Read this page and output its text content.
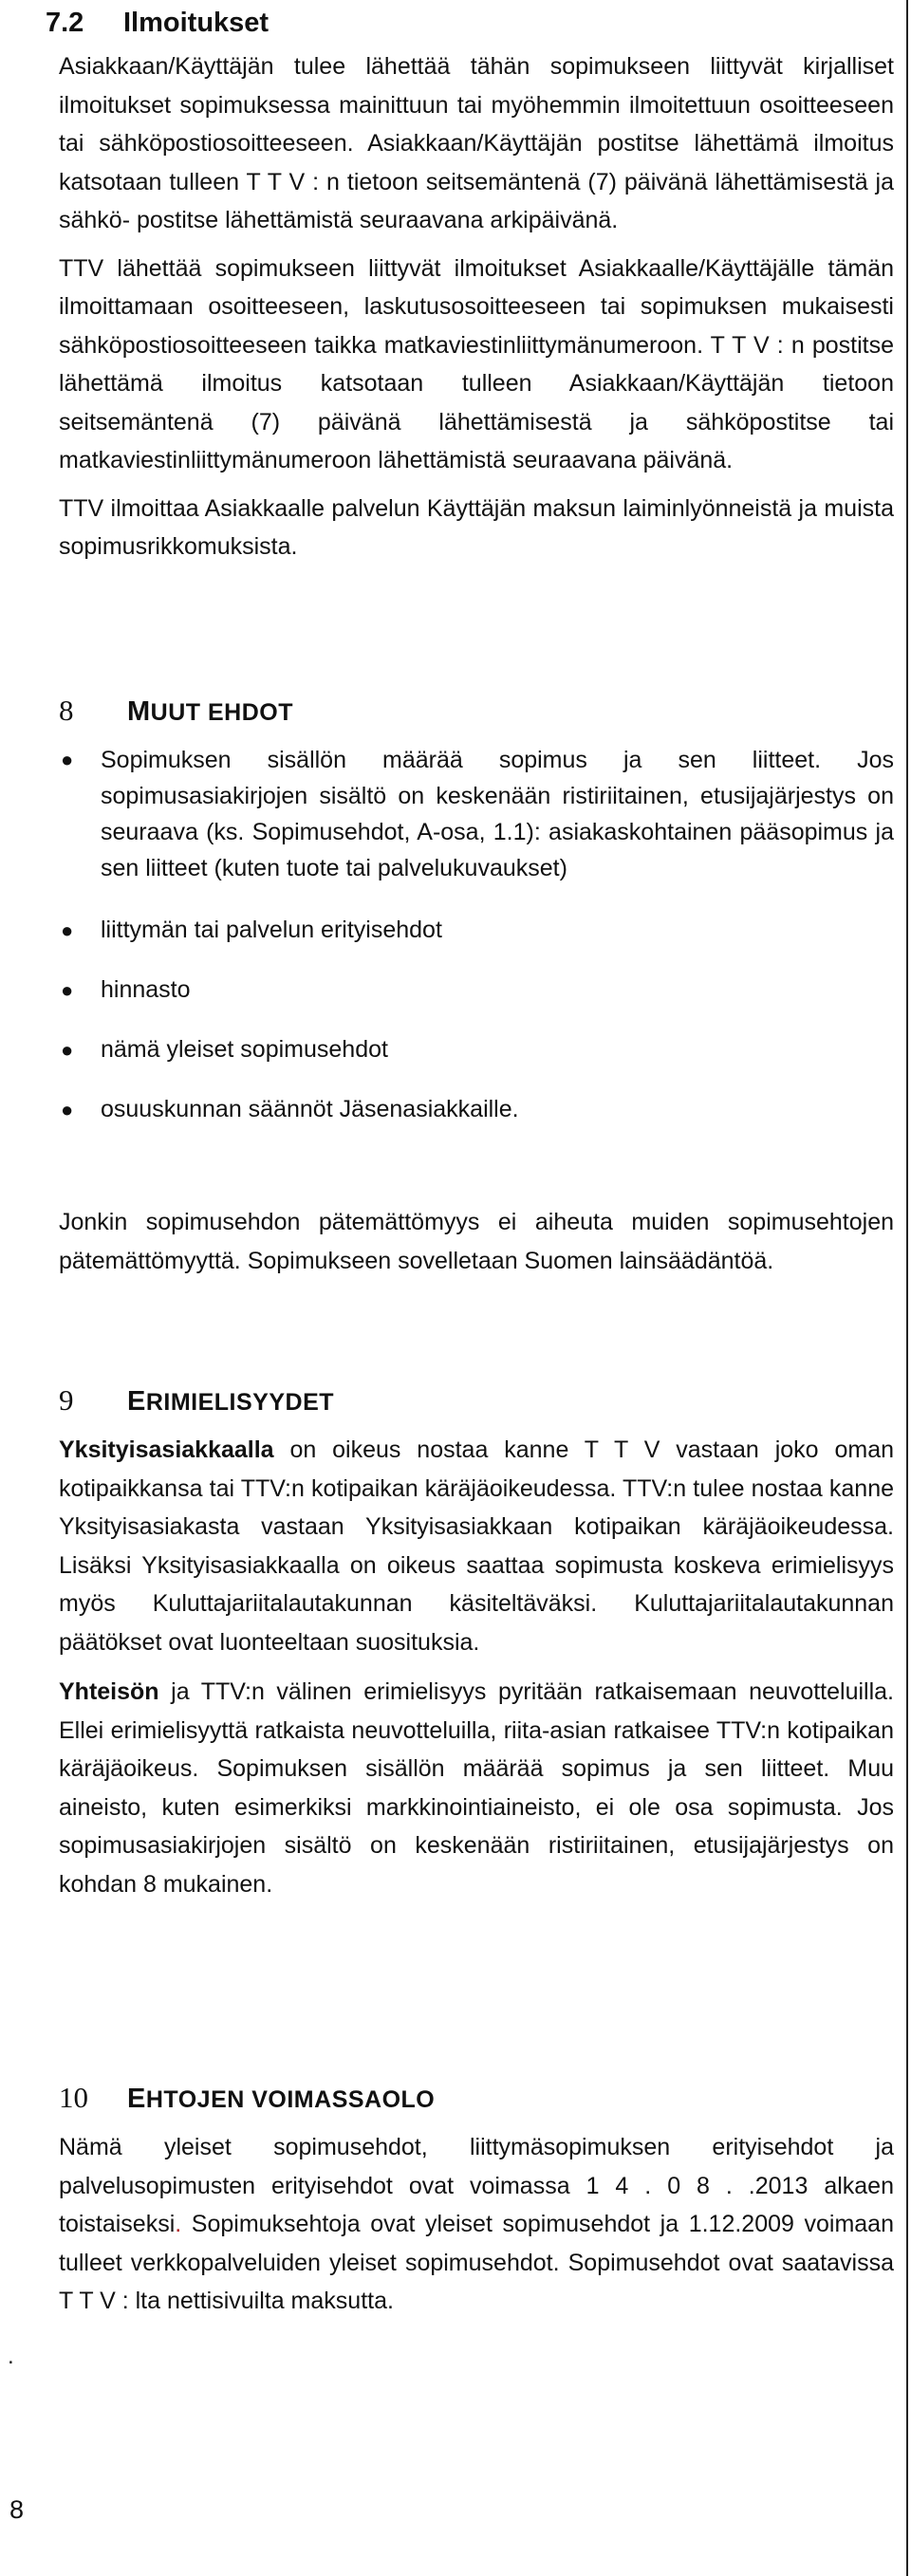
7.2 Ilmoitukset

Asiakkaan/Käyttäjän tulee lähettää tähän sopimukseen liittyvät kirjalliset ilmoitukset sopimuksessa mainittuun tai myöhemmin ilmoitettuun osoitteeseen tai sähköpostiosoitteeseen. Asiakkaan/Käyttäjän postitse lähettämä ilmoitus katsotaan tulleen T T V : n tietoon seitsemäntenä (7) päivänä lähettämisestä ja sähkö- postitse lähettämistä seuraavana arkipäivänä.

TTV lähettää sopimukseen liittyvät ilmoitukset Asiakkaalle/Käyttäjälle tämän ilmoittamaan osoitteeseen, laskutusosoitteeseen tai sopimuksen mukaisesti sähköpostiosoitteeseen taikka matkaviestinliittymänumeroon. T T V : n postitse lähettämä ilmoitus katsotaan tulleen Asiakkaan/Käyttäjän tietoon seitsemäntenä (7) päivänä lähettämisestä ja sähköpostitse tai matkaviestinliittymänumeroon lähettämistä seuraavana päivänä.

TTV ilmoittaa Asiakkaalle palvelun Käyttäjän maksun laiminlyönneistä ja muista sopimusrikkomuksista.

8 MUUT EHDOT
● Sopimuksen sisällön määrää sopimus ja sen liitteet. Jos sopimusasiakirjojen sisältö on keskenään ristiriitainen, etusijajärjestys on seuraava (ks. Sopimusehdot, A-osa, 1.1): asiakaskohtainen pääsopimus ja sen liitteet (kuten tuote tai palvelukuvaukset)
● liittymän tai palvelun erityisehdot
● hinnasto
● nämä yleiset sopimusehdot
● osuuskunnan säännöt Jäsenasiakkaille.

Jonkin sopimusehdon pätemättömyys ei aiheuta muiden sopimusehtojen pätemättömyyttä. Sopimukseen sovelletaan Suomen lainsäädäntöä.

9 ERIMIELISYYDET

Yksityisasiakkaalla on oikeus nostaa kanne T T V vastaan joko oman kotipaikkansa tai TTV:n kotipaikan käräjäoikeudessa. TTV:n tulee nostaa kanne Yksityisasiakasta vastaan Yksityisasiakkaan kotipaikan käräjäoikeudessa. Lisäksi Yksityisasiakkaalla on oikeus saattaa sopimusta koskeva erimielisyys myös Kuluttajariitalautakunnan käsiteltäväksi. Kuluttajariitalautakunnan päätökset ovat luonteeltaan suosituksia.

Yhteisön ja TTV:n välinen erimielisyys pyritään ratkaisemaan neuvotteluilla. Ellei erimielisyyttä ratkaista neuvotteluilla, riita-asian ratkaisee TTV:n kotipaikan käräjäoikeus. Sopimuksen sisällön määrää sopimus ja sen liitteet. Muu aineisto, kuten esimerkiksi markkinointiaineisto, ei ole osa sopimusta. Jos sopimusasiakirjojen sisältö on keskenään ristiriitainen, etusijajärjestys on kohdan 8 mukainen.

10 EHTOJEN VOIMASSAOLO

Nämä yleiset sopimusehdot, liittymäsopimuksen erityisehdot ja palvelusopimusten erityisehdot ovat voimassa 1 4 . 0 8 . .2013 alkaen toistaiseksi. Sopimuksehtoja ovat yleiset sopimusehdot ja 1.12.2009 voimaan tulleet verkkopalveluiden yleiset sopimusehdot. Sopimusehdot ovat saatavissa T T V : lta nettisivuilta maksutta.

.
8
